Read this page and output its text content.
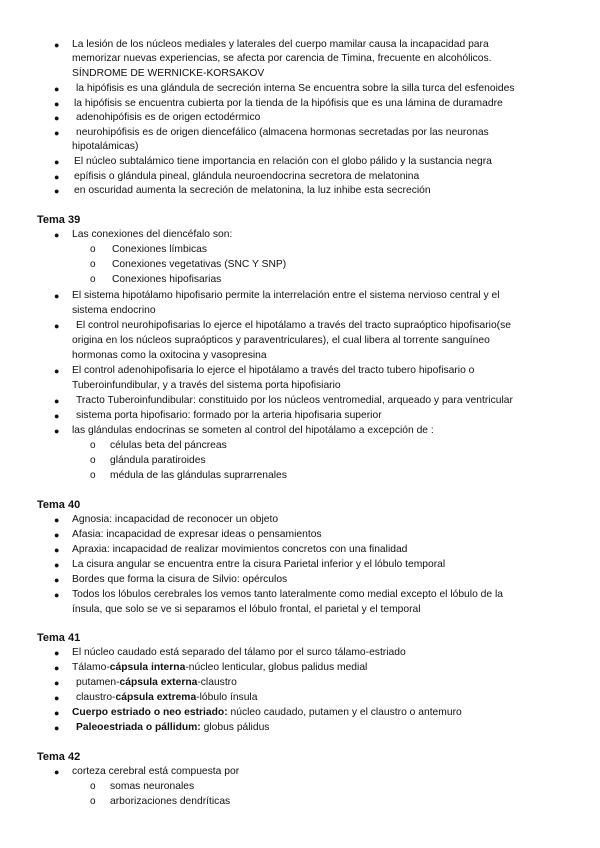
● La lesión de los núcleos mediales y laterales del cuerpo mamilar causa la incapacidad para
memorizar nuevas experiencias, se afecta por carencia de Timina, frecuente en alcohólicos.
SÍNDROME DE WERNICKE-KORSAKOV
● la hipófisis es una glándula de secreción interna Se encuentra sobre la silla turca del esfenoides
● la hipófisis se encuentra cubierta por la tienda de la hipófisis que es una lámina de duramadre
● adenohipófisis es de origen ectodérmico
● neurohipófisis es de origen diencefálico (almacena hormonas secretadas por las neuronas
hipotalámicas)
● El núcleo subtalámico tiene importancia en relación con el globo pálido y la sustancia negra
● epífisis o glándula pineal, glándula neuroendocrina secretora de melatonina
● en oscuridad aumenta la secreción de melatonina, la luz inhibe esta secreción
Tema 39
● Las conexiones del diencéfalo son:
o Conexiones límbicas
o Conexiones vegetativas (SNC Y SNP)
o Conexiones hipofisarias
● El sistema hipotálamo hipofisario permite la interrelación entre el sistema nervioso central y el
sistema endocrino
● El control neurohipofisarias lo ejerce el hipotálamo a través del tracto supraóptico hipofisario(se
origina en los núcleos supraópticos y paraventriculares), el cual libera al torrente sanguíneo
hormonas como la oxitocina y vasopresina
● El control adenohipofisaria lo ejerce el hipotálamo a través del tracto tubero hipofisario o
Tuberoinfundibular, y a través del sistema porta hipofisiario
● Tracto Tuberoinfundibular: constituido por los núcleos ventromedial, arqueado y para ventricular
● sistema porta hipofisario: formado por la arteria hipofisaria superior
● las glándulas endocrinas se someten al control del hipotálamo a excepción de :
o células beta del páncreas
o glándula paratiroides
o médula de las glándulas suprarrenales
Tema 40
● Agnosia: incapacidad de reconocer un objeto
● Afasia: incapacidad de expresar ideas o pensamientos
● Apraxia: incapacidad de realizar movimientos concretos con una finalidad
● La cisura angular se encuentra entre la cisura Parietal inferior y el lóbulo temporal
● Bordes que forma la cisura de Silvio: opérculos
● Todos los lóbulos cerebrales los vemos tanto lateralmente como medial excepto el lóbulo de la
ínsula, que solo se ve si separamos el lóbulo frontal, el parietal y el temporal
Tema 41
● El núcleo caudado está separado del tálamo por el surco tálamo-estriado
● Tálamo-cápsula interna-núcleo lenticular, globus palidus medial
● putamen-cápsula externa-claustro
● claustro-cápsula extrema-lóbulo ínsula
● Cuerpo estriado o neo estriado: núcleo caudado, putamen y el claustro o antemuro
● Paleoestriada o pállidum: globus pálidus
Tema 42
● corteza cerebral está compuesta por
o somas neuronales
o arborizaciones dendríticas
